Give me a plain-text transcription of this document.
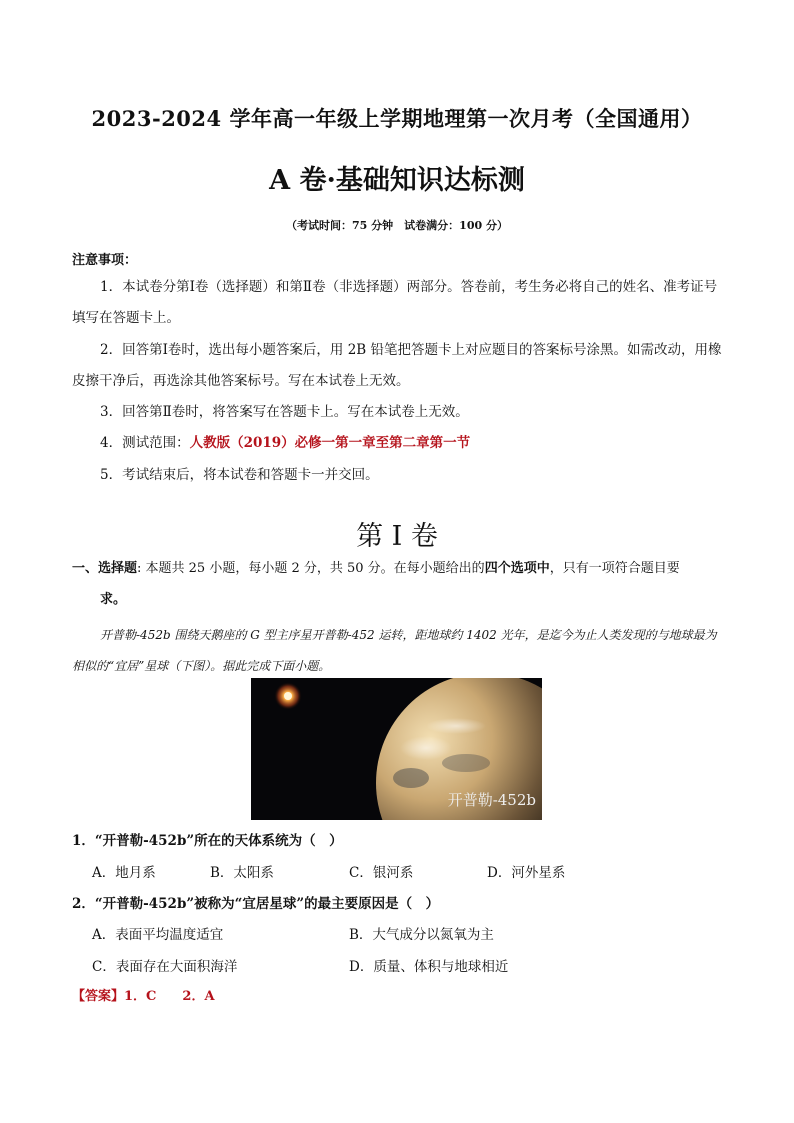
2023-2024 学年高一年级上学期地理第一次月考（全国通用）
A 卷·基础知识达标测
（考试时间：75 分钟　试卷满分：100 分）
注意事项：
1．本试卷分第Ⅰ卷（选择题）和第Ⅱ卷（非选择题）两部分。答卷前，考生务必将自己的姓名、准考证号填写在答题卡上。
2．回答第Ⅰ卷时，选出每小题答案后，用 2B 铅笔把答题卡上对应题目的答案标号涂黑。如需改动，用橡皮擦干净后，再选涂其他答案标号。写在本试卷上无效。
3．回答第Ⅱ卷时，将答案写在答题卡上。写在本试卷上无效。
4．测试范围：人教版（2019）必修一第一章至第二章第一节
5．考试结束后，将本试卷和答题卡一并交回。
第 I 卷
一、选择题: 本题共 25 小题，每小题 2 分，共 50 分。在每小题给出的四个选项中，只有一项符合题目要
求。
开普勒-452b 围绕天鹅座的 G 型主序星开普勒-452 运转，距地球约 1402 光年，是迄今为止人类发现的与地球最为相似的“宜居”星球（下图）。据此完成下面小题。
开普勒-452b
1．“开普勒-452b”所在的天体系统为（　）
A．地月系	B．太阳系	C．银河系	D．河外星系
2．“开普勒-452b”被称为“宜居星球”的最主要原因是（　）
A．表面平均温度适宜	B．大气成分以氮氧为主
C．表面存在大面积海洋	D．质量、体积与地球相近
【答案】1．C　　2．A
